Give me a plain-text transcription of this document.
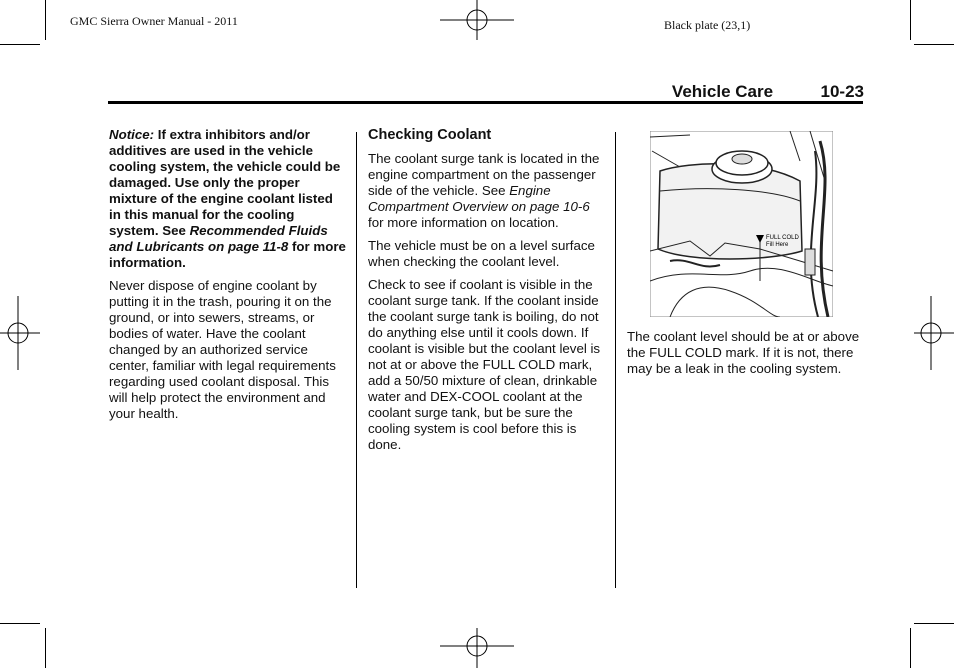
GMC Sierra Owner Manual - 2011	Black plate (23,1)
Vehicle Care	10-23

Notice: If extra inhibitors and/or additives are used in the vehicle cooling system, the vehicle could be damaged. Use only the proper mixture of the engine coolant listed in this manual for the cooling system. See Recommended Fluids and Lubricants on page 11-8 for more information.

Never dispose of engine coolant by putting it in the trash, pouring it on the ground, or into sewers, streams, or bodies of water. Have the coolant changed by an authorized service center, familiar with legal requirements regarding used coolant disposal. This will help protect the environment and your health.

Checking Coolant

The coolant surge tank is located in the engine compartment on the passenger side of the vehicle. See Engine Compartment Overview on page 10-6 for more information on location.

The vehicle must be on a level surface when checking the coolant level.

Check to see if coolant is visible in the coolant surge tank. If the coolant inside the coolant surge tank is boiling, do not do anything else until it cools down. If coolant is visible but the coolant level is not at or above the FULL COLD mark, add a 50/50 mixture of clean, drinkable water and DEX-COOL coolant at the coolant surge tank, but be sure the cooling system is cool before this is done.

FULL COLD
Fill Here

The coolant level should be at or above the FULL COLD mark. If it is not, there may be a leak in the cooling system.
